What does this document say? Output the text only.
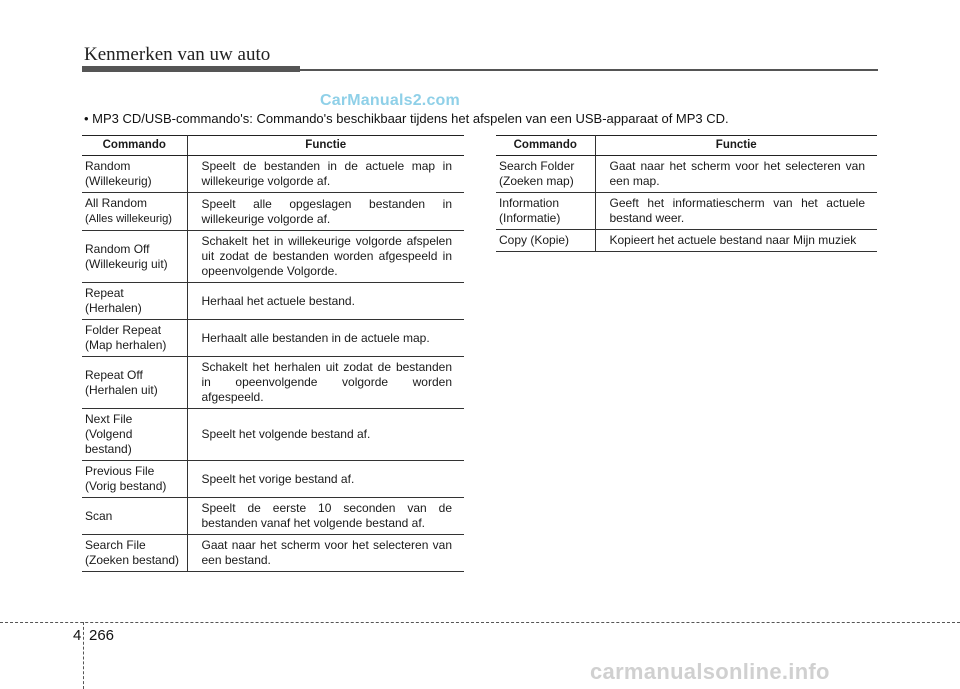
Kenmerken van uw auto
CarManuals2.com
• MP3 CD/USB-commando's: Commando's beschikbaar tijdens het afspelen van een USB-apparaat of MP3 CD.
Commando	Functie
Random
(Willekeurig)	Speelt de bestanden in de actuele map in willekeurige volgorde af.
All Random
(Alles willekeurig)	Speelt alle opgeslagen bestanden in willekeurige volgorde af.
Random Off
(Willekeurig uit)	Schakelt het in willekeurige volgorde afspelen uit zodat de bestanden worden afgespeeld in opeenvolgende Volgorde.
Repeat
(Herhalen)	Herhaal het actuele bestand.
Folder Repeat
(Map herhalen)	Herhaalt alle bestanden in de actuele map.
Repeat Off
(Herhalen uit)	Schakelt het herhalen uit zodat de bestanden in opeenvolgende volgorde worden afgespeeld.
Next File
(Volgend
bestand)	Speelt het volgende bestand af.
Previous File
(Vorig bestand)	Speelt het vorige bestand af.
Scan	Speelt de eerste 10 seconden van de bestanden vanaf het volgende bestand af.
Search File
(Zoeken bestand)	Gaat naar het scherm voor het selecteren van een bestand.
Commando	Functie
Search Folder
(Zoeken map)	Gaat naar het scherm voor het selecteren van een map.
Information
(Informatie)	Geeft het informatiescherm van het actuele bestand weer.
Copy (Kopie)	Kopieert het actuele bestand naar Mijn muziek
4 266
carmanualsonline.info
